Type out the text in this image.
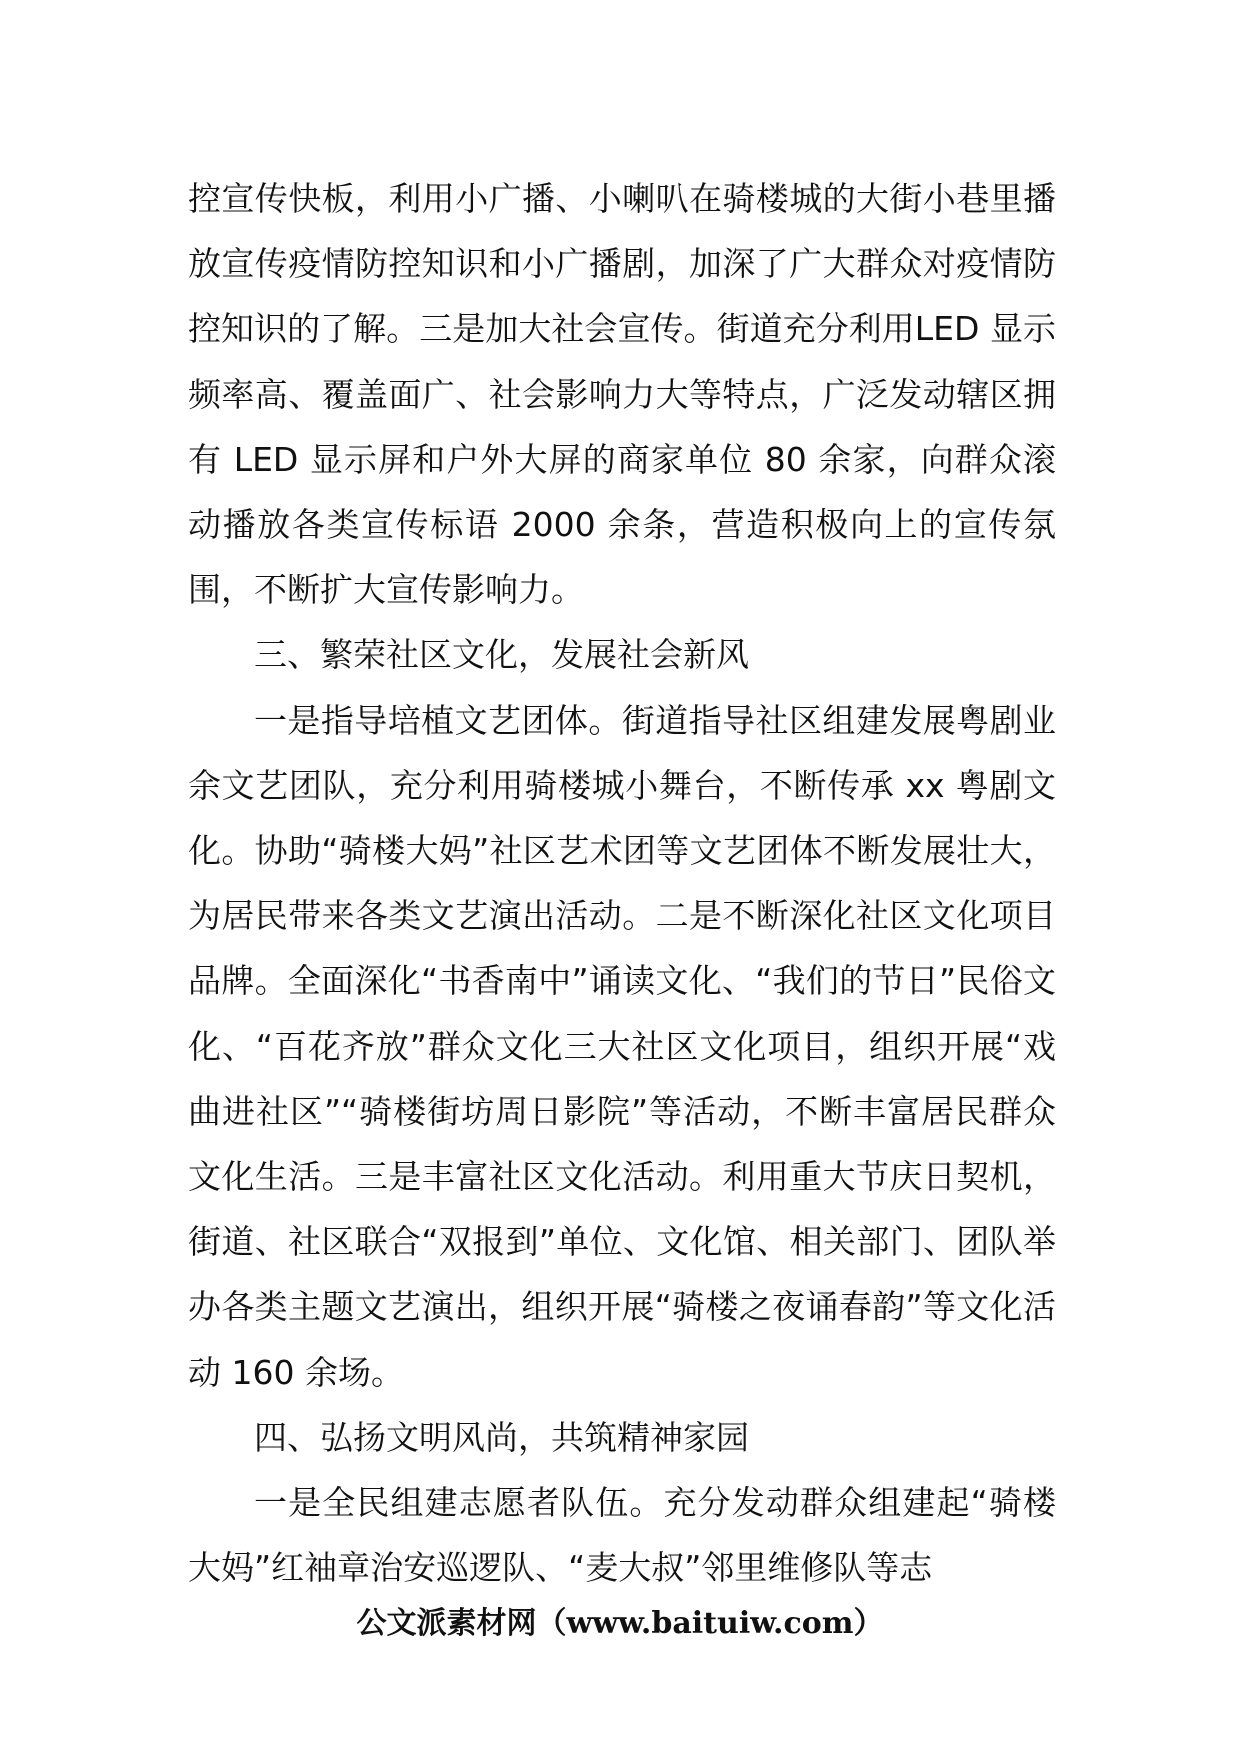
控宣传快板，利用小广播、小喇叭在骑楼城的大街小巷里播放宣传疫情防控知识和小广播剧，加深了广大群众对疫情防控知识的了解。三是加大社会宣传。街道充分利用LED 显示频率高、覆盖面广、社会影响力大等特点，广泛发动辖区拥有 LED 显示屏和户外大屏的商家单位 80 余家，向群众滚动播放各类宣传标语 2000 余条，营造积极向上的宣传氛围，不断扩大宣传影响力。

三、繁荣社区文化，发展社会新风

一是指导培植文艺团体。街道指导社区组建发展粤剧业余文艺团队，充分利用骑楼城小舞台，不断传承 xx 粤剧文化。协助“骑楼大妈”社区艺术团等文艺团体不断发展壮大，为居民带来各类文艺演出活动。二是不断深化社区文化项目品牌。全面深化“书香南中”诵读文化、“我们的节日”民俗文化、“百花齐放”群众文化三大社区文化项目，组织开展“戏曲进社区”“骑楼街坊周日影院”等活动，不断丰富居民群众文化生活。三是丰富社区文化活动。利用重大节庆日契机，街道、社区联合“双报到”单位、文化馆、相关部门、团队举办各类主题文艺演出，组织开展“骑楼之夜诵春韵”等文化活动 160 余场。

四、弘扬文明风尚，共筑精神家园

一是全民组建志愿者队伍。充分发动群众组建起“骑楼大妈”红袖章治安巡逻队、“麦大叔”邻里维修队等志

公文派素材网（www.baituiw.com）
